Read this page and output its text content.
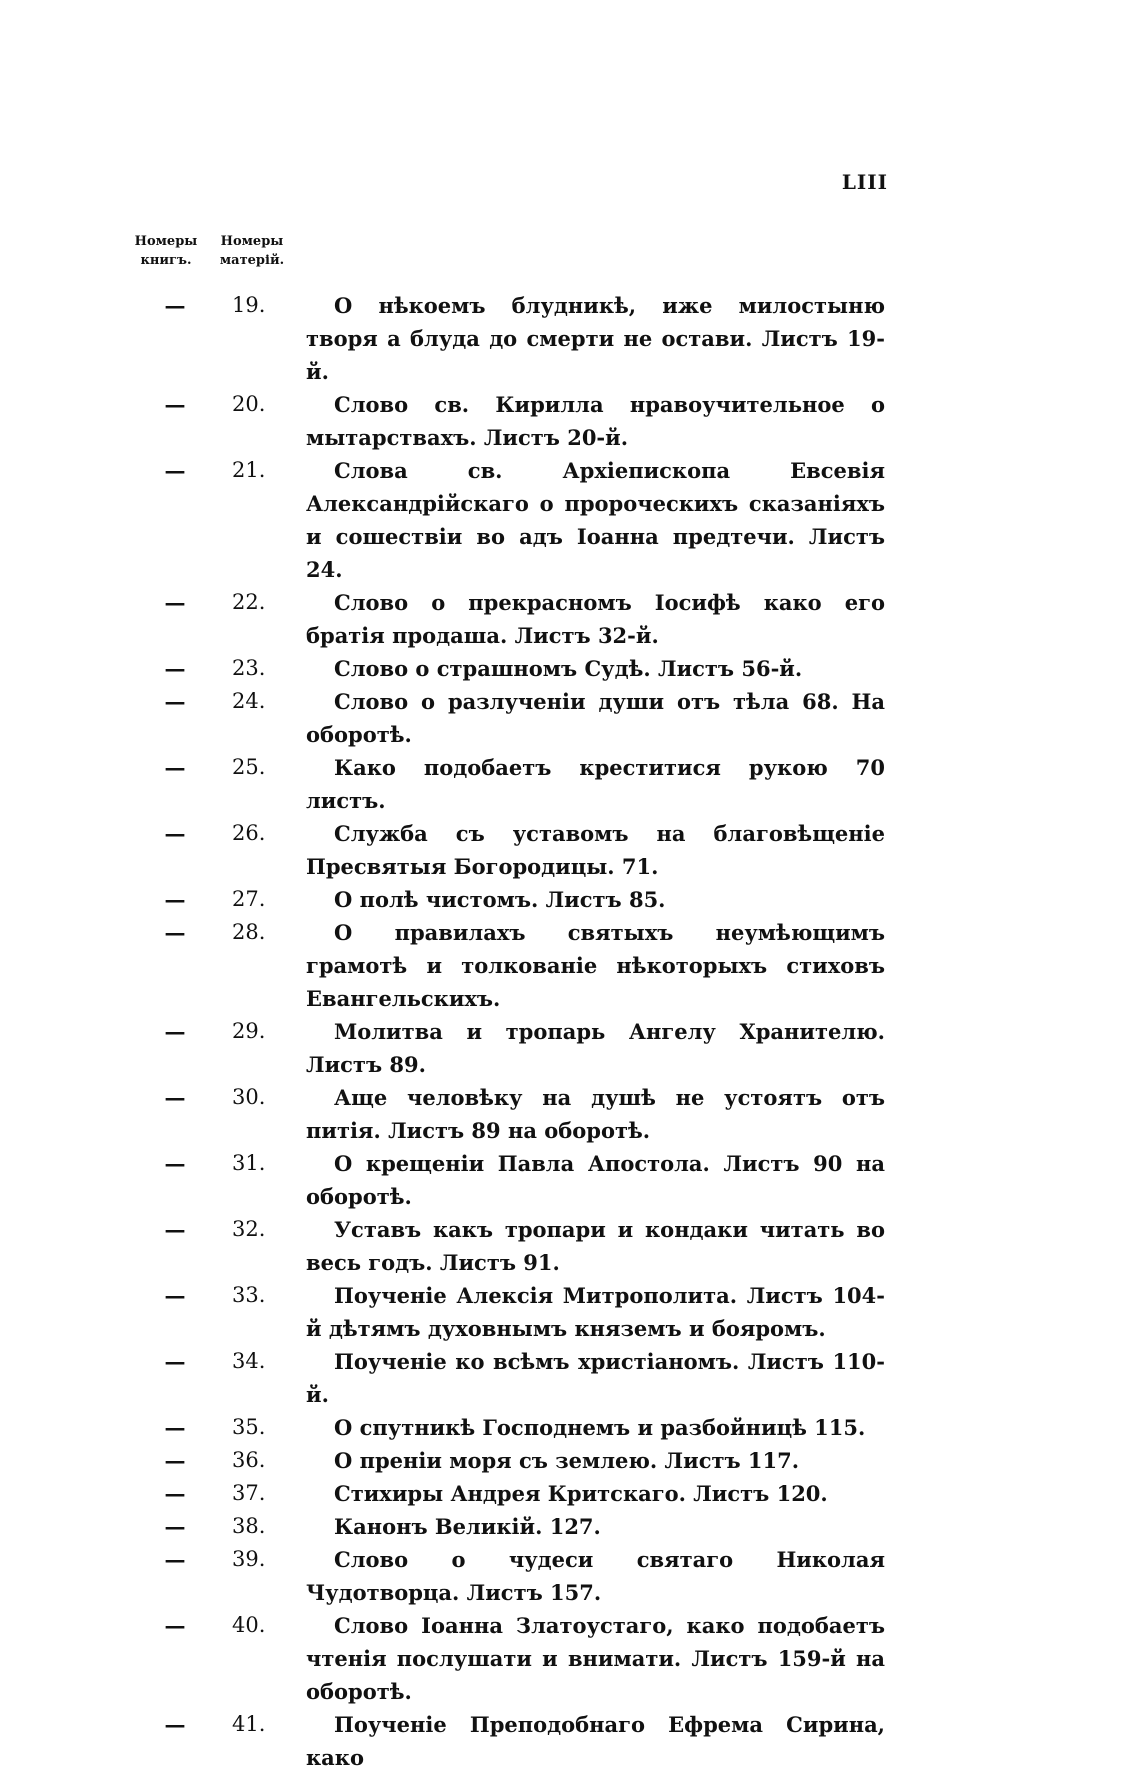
LIII
Номеры
книгъ.
Номеры
матерій.
— 19.	О нѣкоемъ блудникѣ, иже милостыню творя а блуда до смерти не остави. Листъ 19-й.
— 20.	Слово св. Кирилла нравоучительное о мытарствахъ. Листъ 20-й.
— 21.	Слова св. Архіепископа Евсевія Александрійскаго о пророческихъ сказаніяхъ и сошествіи во адъ Іоанна предтечи. Листъ 24.
— 22.	Слово о прекрасномъ Іосифѣ како его братія продаша. Листъ 32-й.
— 23.	Слово о страшномъ Судѣ. Листъ 56-й.
— 24.	Слово о разлученіи души отъ тѣла 68. На оборотѣ.
— 25.	Како подобаетъ креститися рукою 70 листъ.
— 26.	Служба съ уставомъ на благовѣщеніе Пресвятыя Богородицы. 71.
— 27.	О полѣ чистомъ. Листъ 85.
— 28.	О правилахъ святыхъ неумѣющимъ грамотѣ и толкованіе нѣкоторыхъ стиховъ Евангельскихъ.
— 29.	Молитва и тропарь Ангелу Хранителю. Листъ 89.
— 30.	Аще человѣку на душѣ не устоятъ отъ питія. Листъ 89 на оборотѣ.
— 31.	О крещеніи Павла Апостола. Листъ 90 на оборотѣ.
— 32.	Уставъ какъ тропари и кондаки читать во весь годъ. Листъ 91.
— 33.	Поученіе Алексія Митрополита. Листъ 104-й дѣтямъ духовнымъ княземъ и бояромъ.
— 34.	Поученіе ко всѣмъ христіаномъ. Листъ 110-й.
— 35.	О спутникѣ Господнемъ и разбойницѣ 115.
— 36.	О преніи моря съ землею. Листъ 117.
— 37.	Стихиры Андрея Критскаго. Листъ 120.
— 38.	Канонъ Великій. 127.
— 39.	Слово о чудеси святаго Николая Чудотворца. Листъ 157.
— 40.	Слово Іоанна Златоустаго, како подобаетъ чтенія послушати и внимати. Листъ 159-й на оборотѣ.
— 41.	Поученіе Преподобнаго Ефрема Сирина, како
